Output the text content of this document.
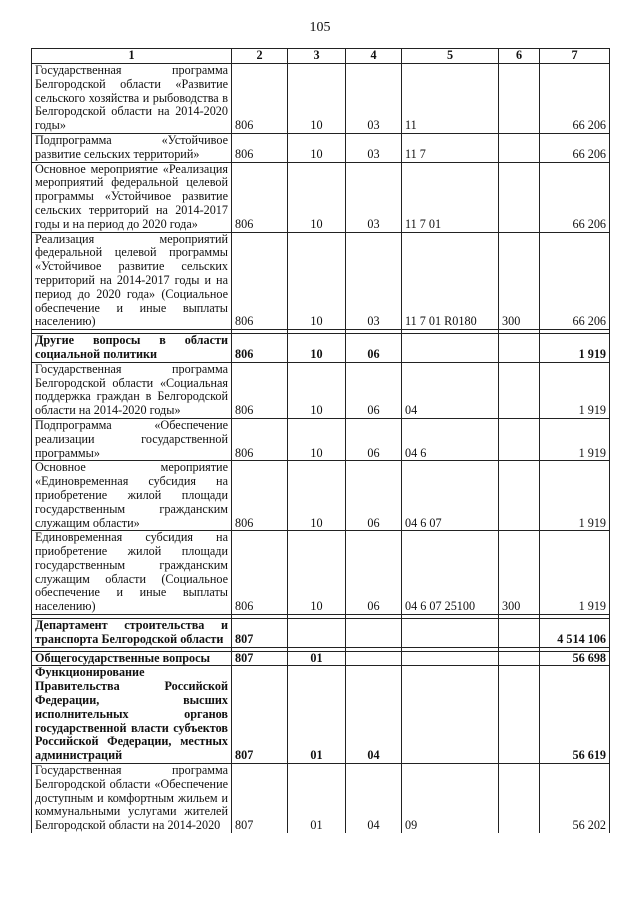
105
1	2	3	4	5	6	7
Государственная программа Белгородской области «Развитие сельского хозяйства и рыбоводства в Белгородской области на 2014-2020 годы»	806	10	03	11		66 206
Подпрограмма «Устойчивое развитие сельских территорий»	806	10	03	11 7		66 206
Основное мероприятие «Реализация мероприятий федеральной целевой программы «Устойчивое развитие сельских территорий на 2014-2017 годы и на период до 2020 года»	806	10	03	11 7 01		66 206
Реализация мероприятий федеральной целевой программы «Устойчивое развитие сельских территорий на 2014-2017 годы и на период до 2020 года» (Социальное обеспечение и иные выплаты населению)	806	10	03	11 7 01 R0180	300	66 206

Другие вопросы в области социальной политики	806	10	06			1 919
Государственная программа Белгородской области «Социальная поддержка граждан в Белгородской области на 2014-2020 годы»	806	10	06	04		1 919
Подпрограмма «Обеспечение реализации государственной программы»	806	10	06	04 6		1 919
Основное мероприятие «Единовременная субсидия на приобретение жилой площади государственным гражданским служащим области»	806	10	06	04 6 07		1 919
Единовременная субсидия на приобретение жилой площади государственным гражданским служащим области (Социальное обеспечение и иные выплаты населению)	806	10	06	04 6 07 25100	300	1 919

Департамент строительства и транспорта Белгородской области	807					4 514 106

Общегосударственные вопросы	807	01				56 698
Функционирование Правительства Российской Федерации, высших исполнительных органов государственной власти субъектов Российской Федерации, местных администраций	807	01	04			56 619
Государственная программа Белгородской области «Обеспечение доступным и комфортным жильем и коммунальными услугами жителей Белгородской области на 2014-2020	807	01	04	09		56 202
